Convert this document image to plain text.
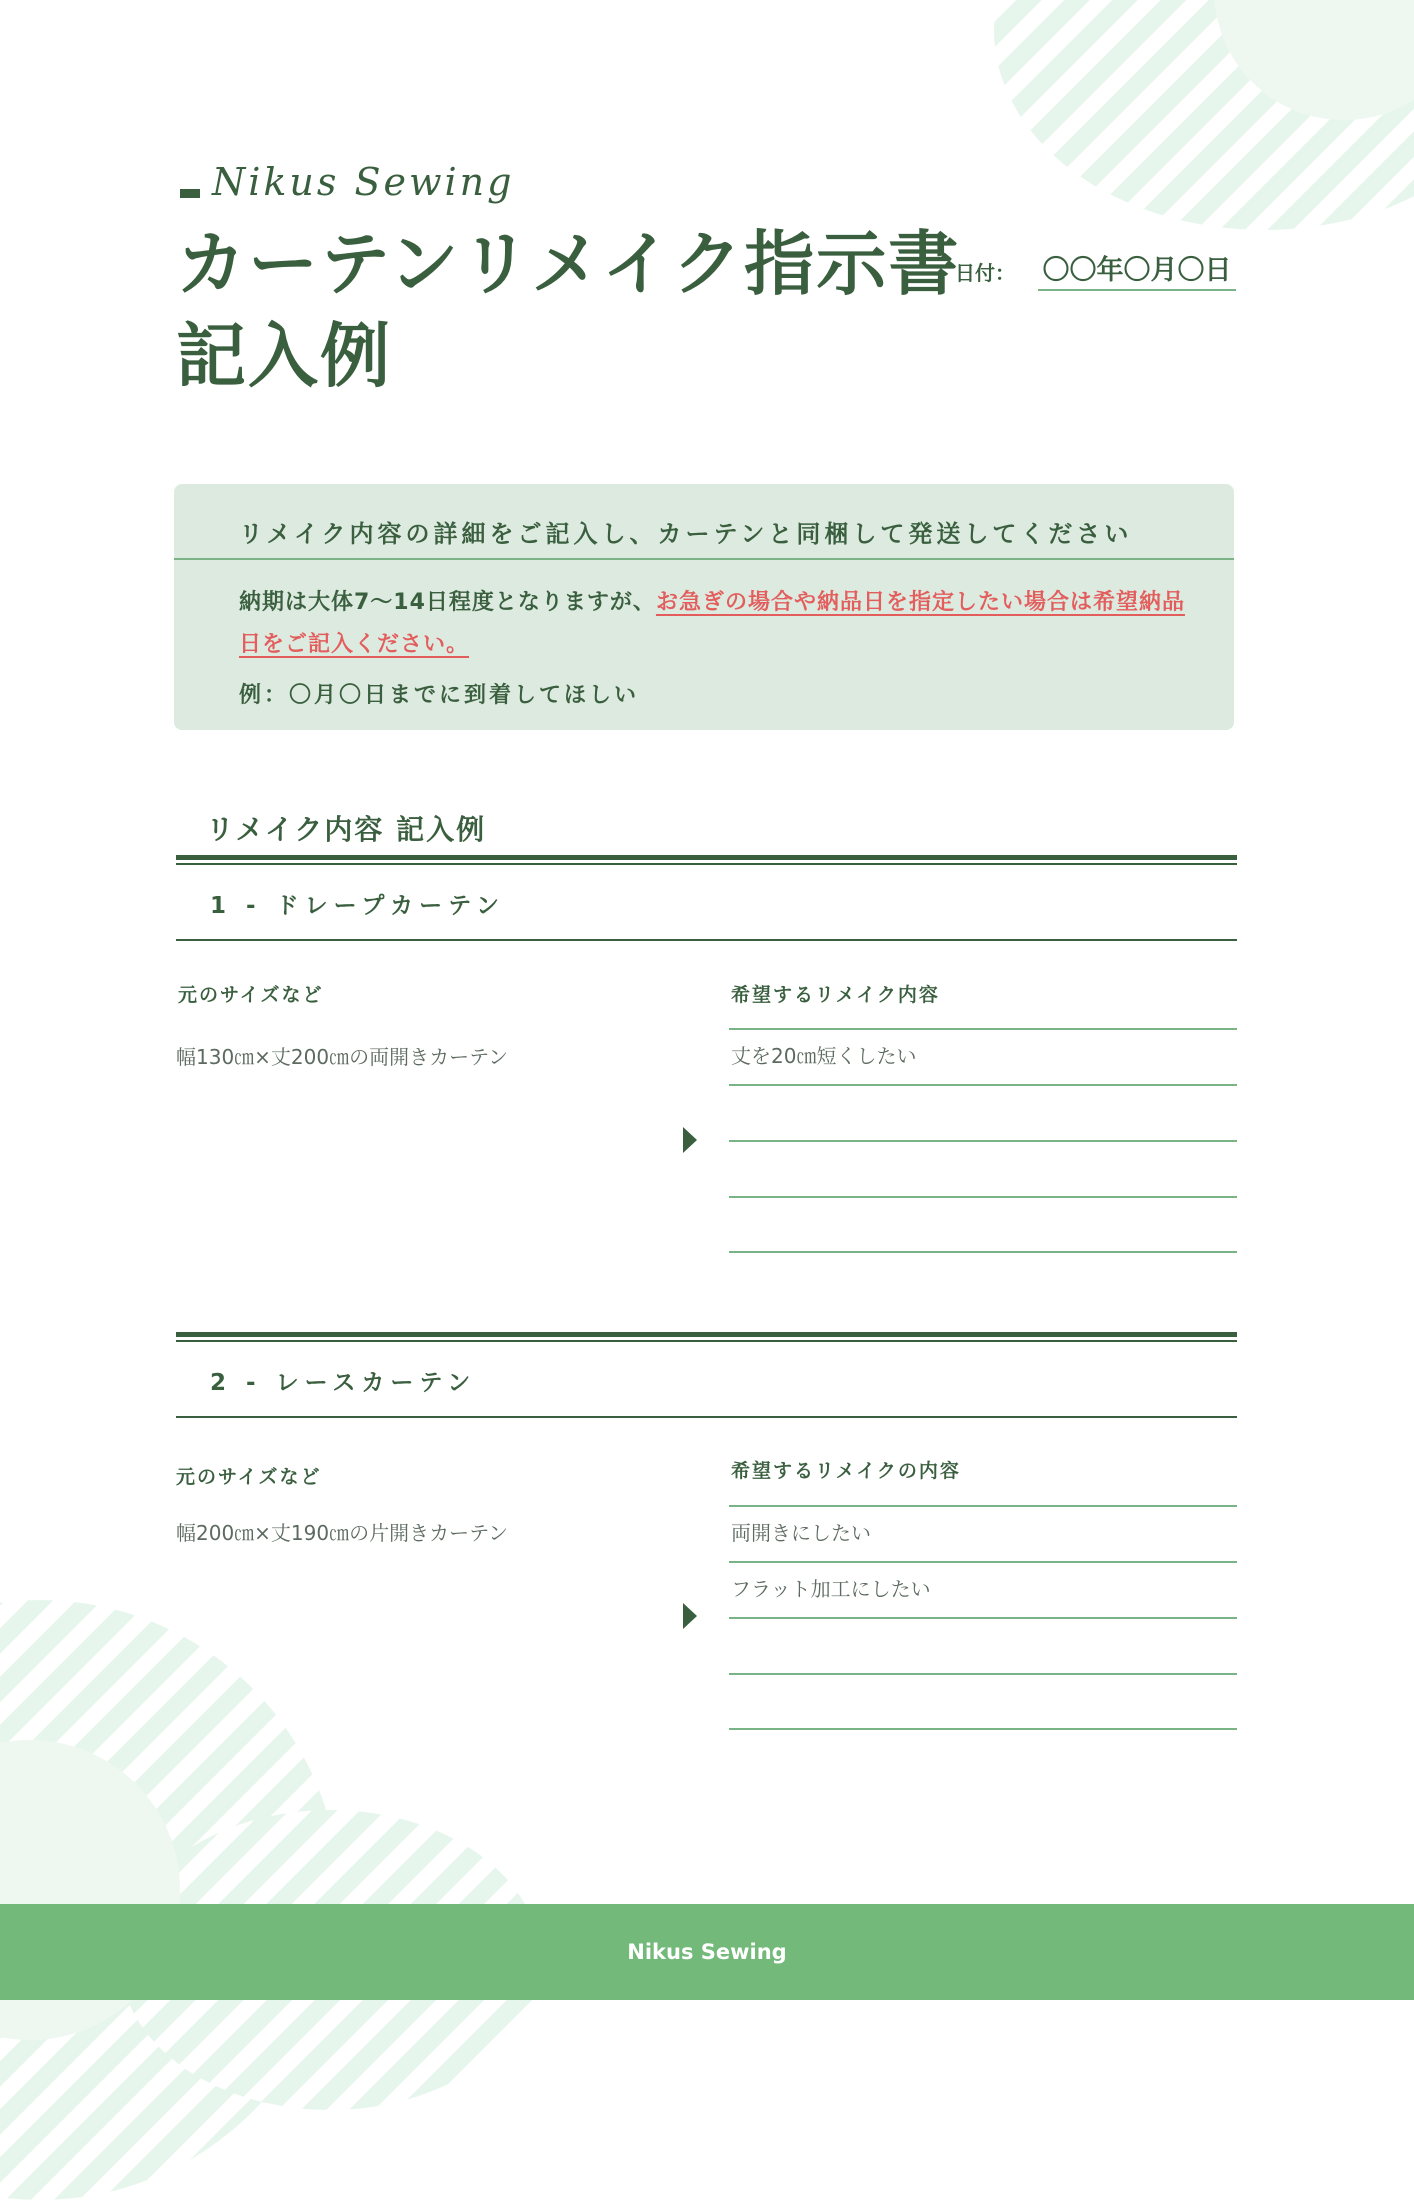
Nikus Sewing
カーテンリメイク指示書
記入例
日付： 〇〇年〇月〇日
リメイク内容の詳細をご記入し、カーテンと同梱して発送してください
納期は大体7〜14日程度となりますが、お急ぎの場合や納品日を指定したい場合は希望納品日をご記入ください。
例：〇月〇日までに到着してほしい
リメイク内容 記入例
1 - ドレープカーテン
元のサイズなど	希望するリメイク内容
幅130㎝×丈200㎝の両開きカーテン	丈を20㎝短くしたい
2 - レースカーテン
元のサイズなど	希望するリメイクの内容
幅200㎝×丈190㎝の片開きカーテン	両開きにしたい
フラット加工にしたい
Nikus Sewing
